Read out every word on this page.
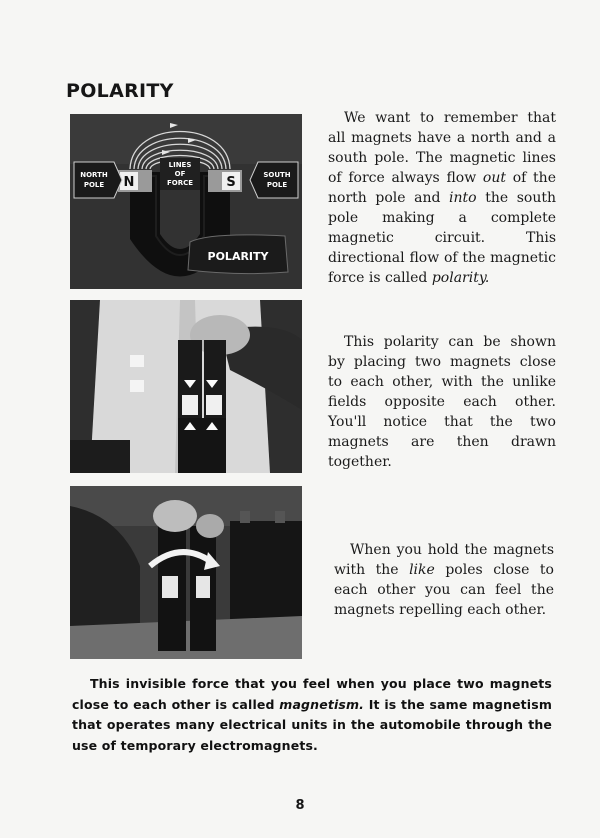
POLARITY
N	S
NORTH
POLE
SOUTH
POLE
LINES
OF
FORCE
POLARITY

We want to remember that all magnets have a north and a south pole. The magnetic lines of force always flow out of the north pole and into the south pole making a complete magnetic circuit. This directional flow of the magnetic force is called polarity.

This polarity can be shown by placing two magnets close to each other, with the unlike fields opposite each other. You'll notice that the two magnets are then drawn together.

When you hold the magnets with the like poles close to each other you can feel the magnets repelling each other.

This invisible force that you feel when you place two magnets close to each other is called magnetism. It is the same magnetism that operates many electrical units in the automobile through the use of temporary electromagnets.

8
